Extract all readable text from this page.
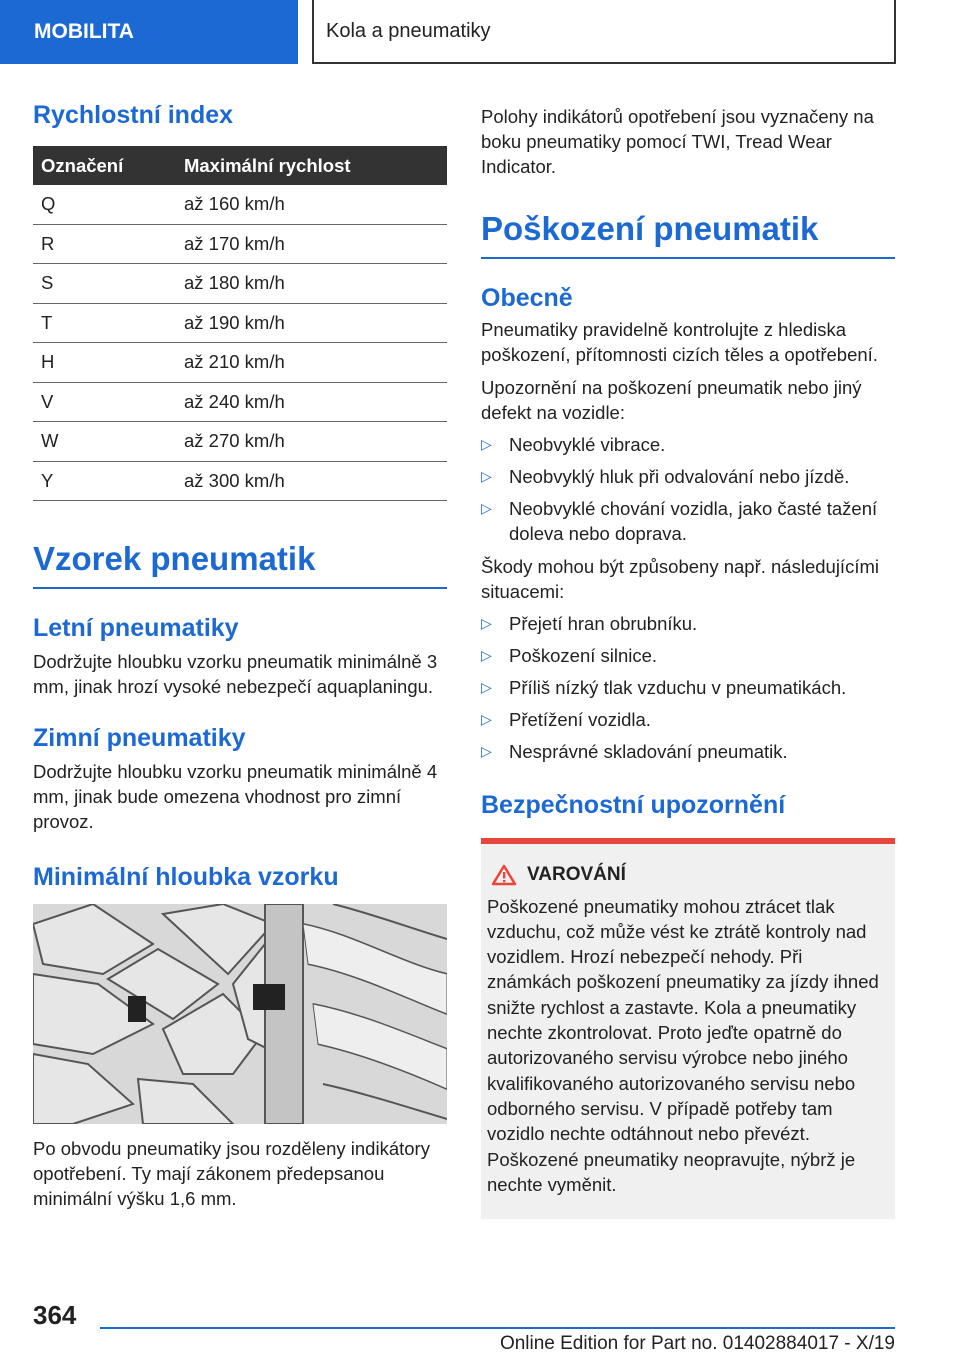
MOBILITA	Kola a pneumatiky
Rychlostní index
Označení	Maximální rychlost
Q	až 160 km/h
R	až 170 km/h
S	až 180 km/h
T	až 190 km/h
H	až 210 km/h
V	až 240 km/h
W	až 270 km/h
Y	až 300 km/h
Vzorek pneumatik
Letní pneumatiky

Dodržujte hloubku vzorku pneumatik minimálně 3 mm, jinak hrozí vysoké nebezpečí aquaplaningu.

Zimní pneumatiky

Dodržujte hloubku vzorku pneumatik minimálně 4 mm, jinak bude omezena vhodnost pro zimní provoz.

Minimální hloubka vzorku

Po obvodu pneumatiky jsou rozděleny indikátory opotřebení. Ty mají zákonem předepsanou minimální výšku 1,6 mm.

Polohy indikátorů opotřebení jsou vyznačeny na boku pneumatiky pomocí TWI, Tread Wear Indicator.

Poškození pneumatik
Obecně

Pneumatiky pravidelně kontrolujte z hlediska poškození, přítomnosti cizích těles a opotřebení.

Upozornění na poškození pneumatik nebo jiný defekt na vozidle:

▷ Neobvyklé vibrace.
▷ Neobvyklý hluk při odvalování nebo jízdě.
▷ Neobvyklé chování vozidla, jako časté tažení doleva nebo doprava.

Škody mohou být způsobeny např. následujícími situacemi:

▷ Přejetí hran obrubníku.
▷ Poškození silnice.
▷ Příliš nízký tlak vzduchu v pneumatikách.
▷ Přetížení vozidla.
▷ Nesprávné skladování pneumatik.
Bezpečnostní upozornění
VAROVÁNÍ

Poškozené pneumatiky mohou ztrácet tlak vzduchu, což může vést ke ztrátě kontroly nad vozidlem. Hrozí nebezpečí nehody. Při známkách poškození pneumatiky za jízdy ihned snižte rychlost a zastavte. Kola a pneumatiky nechte zkontrolovat. Proto jeďte opatrně do autorizovaného servisu výrobce nebo jiného kvalifikovaného autorizovaného servisu nebo odborného servisu. V případě potřeby tam vozidlo nechte odtáhnout nebo převézt. Poškozené pneumatiky neopravujte, nýbrž je nechte vyměnit.

364
Online Edition for Part no. 01402884017 - X/19
